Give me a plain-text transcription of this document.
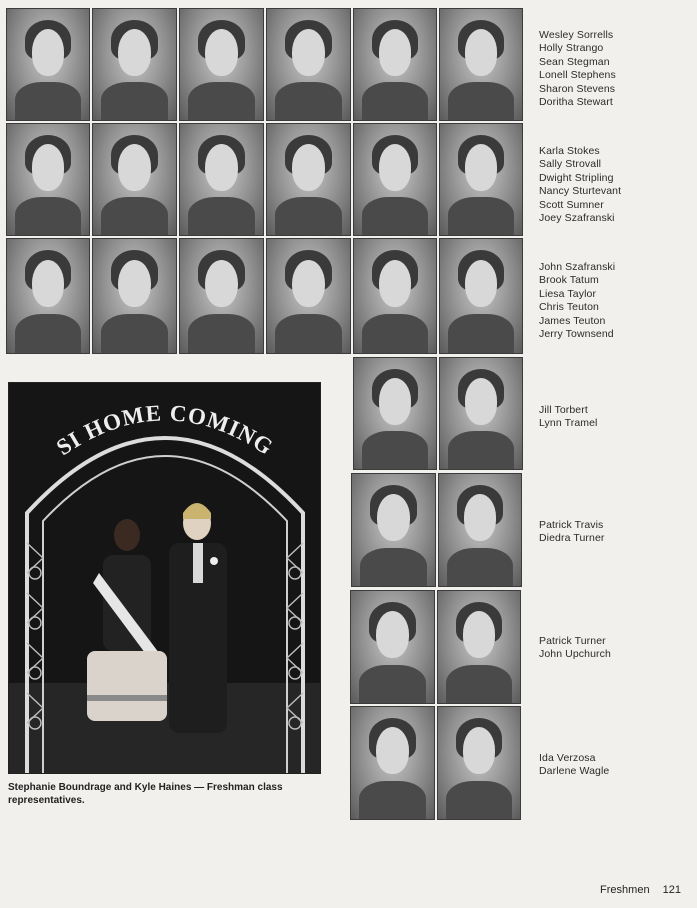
Wesley Sorrells
Holly Strango
Sean Stegman
Lonell Stephens
Sharon Stevens
Doritha Stewart
Karla Stokes
Sally Strovall
Dwight Stripling
Nancy Sturtevant
Scott Sumner
Joey Szafranski
John Szafranski
Brook Tatum
Liesa Taylor
Chris Teuton
James Teuton
Jerry Townsend
Jill Torbert
Lynn Tramel
Patrick Travis
Diedra Turner
Patrick Turner
John Upchurch
Ida Verzosa
Darlene Wagle
SI HOME COMING
Stephanie Boundrage and Kyle Haines — Freshman class representatives.
Freshmen 121
